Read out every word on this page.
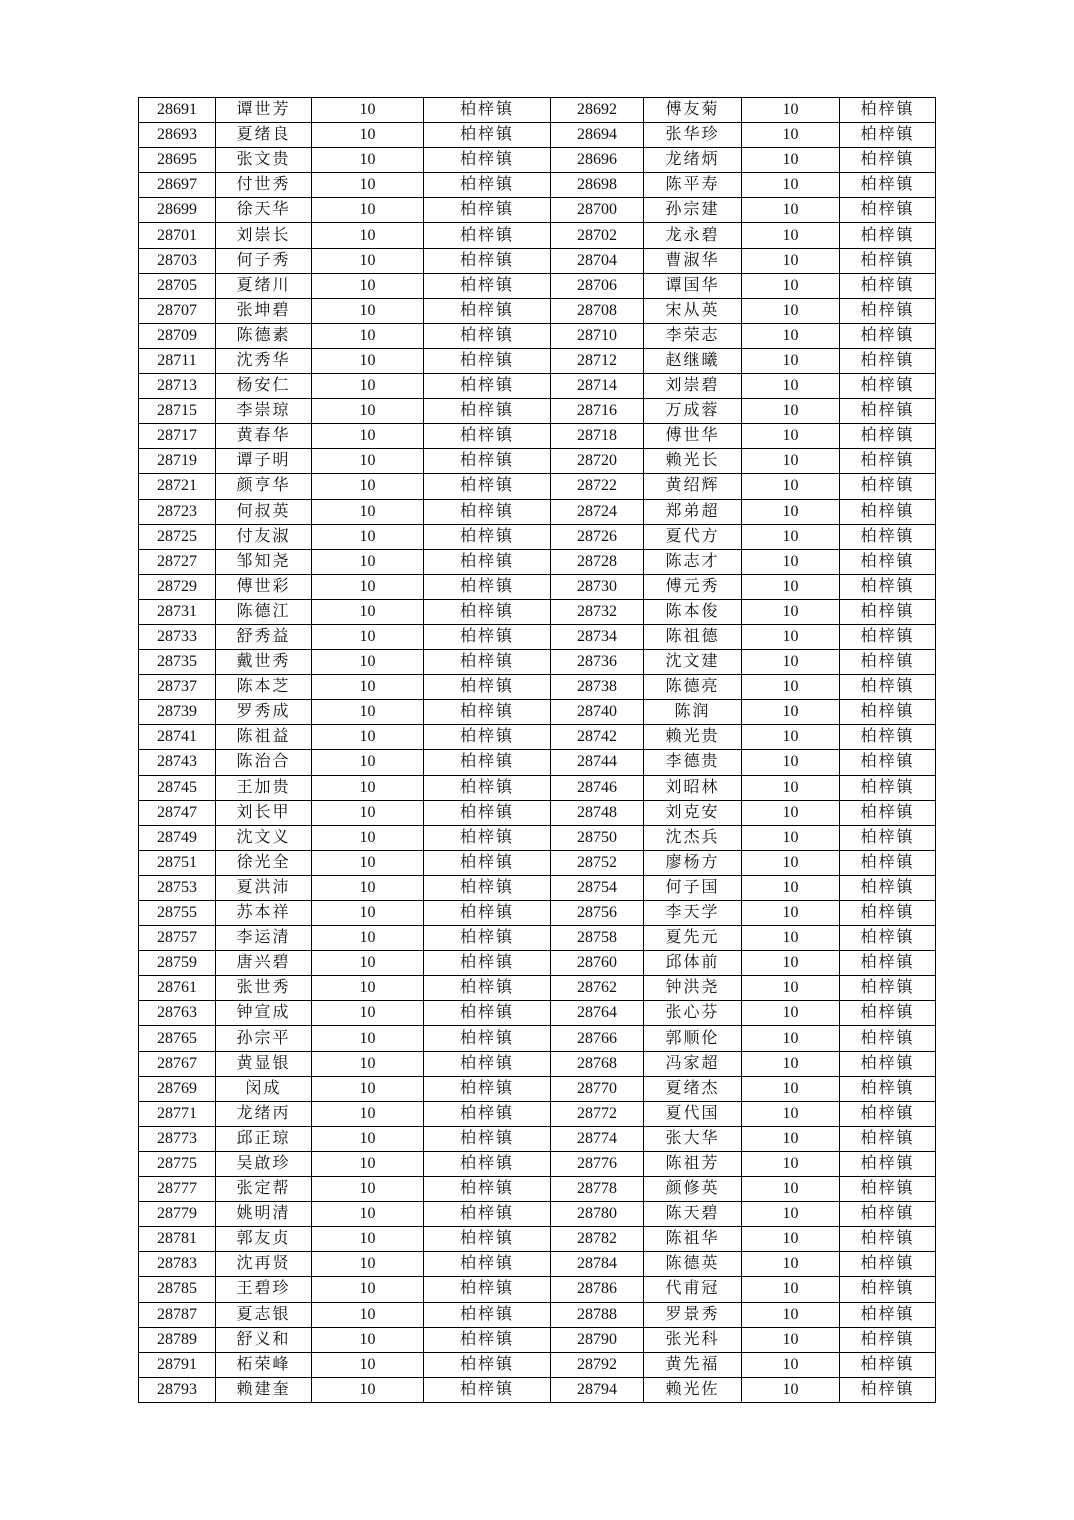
28691	谭世芳	10	柏梓镇	28692	傅友菊	10	柏梓镇
28693	夏绪良	10	柏梓镇	28694	张华珍	10	柏梓镇
28695	张文贵	10	柏梓镇	28696	龙绪炳	10	柏梓镇
28697	付世秀	10	柏梓镇	28698	陈平寿	10	柏梓镇
28699	徐天华	10	柏梓镇	28700	孙宗建	10	柏梓镇
28701	刘崇长	10	柏梓镇	28702	龙永碧	10	柏梓镇
28703	何子秀	10	柏梓镇	28704	曹淑华	10	柏梓镇
28705	夏绪川	10	柏梓镇	28706	谭国华	10	柏梓镇
28707	张坤碧	10	柏梓镇	28708	宋从英	10	柏梓镇
28709	陈德素	10	柏梓镇	28710	李荣志	10	柏梓镇
28711	沈秀华	10	柏梓镇	28712	赵继曦	10	柏梓镇
28713	杨安仁	10	柏梓镇	28714	刘崇碧	10	柏梓镇
28715	李崇琼	10	柏梓镇	28716	万成蓉	10	柏梓镇
28717	黄春华	10	柏梓镇	28718	傅世华	10	柏梓镇
28719	谭子明	10	柏梓镇	28720	赖光长	10	柏梓镇
28721	颜亨华	10	柏梓镇	28722	黄绍辉	10	柏梓镇
28723	何叔英	10	柏梓镇	28724	郑弟超	10	柏梓镇
28725	付友淑	10	柏梓镇	28726	夏代方	10	柏梓镇
28727	邹知尧	10	柏梓镇	28728	陈志才	10	柏梓镇
28729	傅世彩	10	柏梓镇	28730	傅元秀	10	柏梓镇
28731	陈德江	10	柏梓镇	28732	陈本俊	10	柏梓镇
28733	舒秀益	10	柏梓镇	28734	陈祖德	10	柏梓镇
28735	戴世秀	10	柏梓镇	28736	沈文建	10	柏梓镇
28737	陈本芝	10	柏梓镇	28738	陈德亮	10	柏梓镇
28739	罗秀成	10	柏梓镇	28740	陈润	10	柏梓镇
28741	陈祖益	10	柏梓镇	28742	赖光贵	10	柏梓镇
28743	陈治合	10	柏梓镇	28744	李德贵	10	柏梓镇
28745	王加贵	10	柏梓镇	28746	刘昭林	10	柏梓镇
28747	刘长甲	10	柏梓镇	28748	刘克安	10	柏梓镇
28749	沈文义	10	柏梓镇	28750	沈杰兵	10	柏梓镇
28751	徐光全	10	柏梓镇	28752	廖杨方	10	柏梓镇
28753	夏洪沛	10	柏梓镇	28754	何子国	10	柏梓镇
28755	苏本祥	10	柏梓镇	28756	李天学	10	柏梓镇
28757	李运清	10	柏梓镇	28758	夏先元	10	柏梓镇
28759	唐兴碧	10	柏梓镇	28760	邱体前	10	柏梓镇
28761	张世秀	10	柏梓镇	28762	钟洪尧	10	柏梓镇
28763	钟宣成	10	柏梓镇	28764	张心芬	10	柏梓镇
28765	孙宗平	10	柏梓镇	28766	郭顺伦	10	柏梓镇
28767	黄显银	10	柏梓镇	28768	冯家超	10	柏梓镇
28769	闵成	10	柏梓镇	28770	夏绪杰	10	柏梓镇
28771	龙绪丙	10	柏梓镇	28772	夏代国	10	柏梓镇
28773	邱正琼	10	柏梓镇	28774	张大华	10	柏梓镇
28775	吴啟珍	10	柏梓镇	28776	陈祖芳	10	柏梓镇
28777	张定帮	10	柏梓镇	28778	颜修英	10	柏梓镇
28779	姚明清	10	柏梓镇	28780	陈天碧	10	柏梓镇
28781	郭友贞	10	柏梓镇	28782	陈祖华	10	柏梓镇
28783	沈再贤	10	柏梓镇	28784	陈德英	10	柏梓镇
28785	王碧珍	10	柏梓镇	28786	代甫冠	10	柏梓镇
28787	夏志银	10	柏梓镇	28788	罗景秀	10	柏梓镇
28789	舒义和	10	柏梓镇	28790	张光科	10	柏梓镇
28791	柘荣峰	10	柏梓镇	28792	黄先福	10	柏梓镇
28793	赖建奎	10	柏梓镇	28794	赖光佐	10	柏梓镇
